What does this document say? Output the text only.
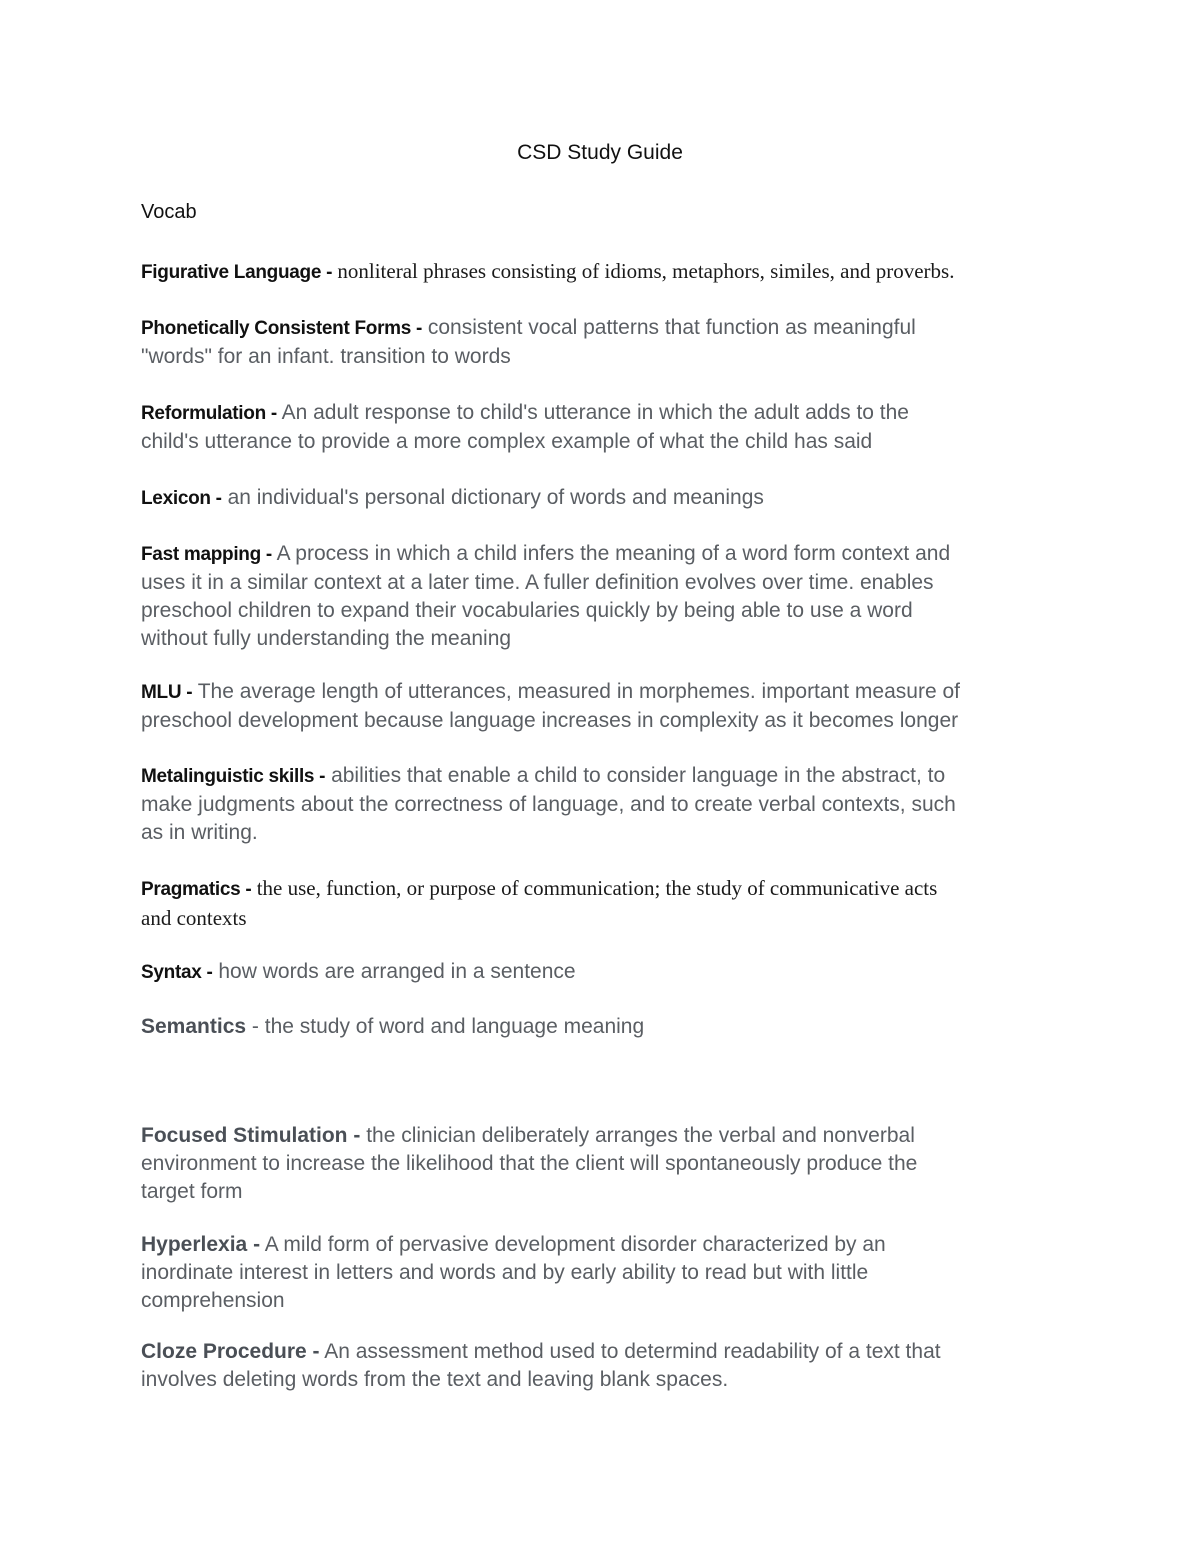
CSD Study Guide
Vocab
Figurative Language - nonliteral phrases consisting of idioms, metaphors, similes, and proverbs.
Phonetically Consistent Forms - consistent vocal patterns that function as meaningful
"words" for an infant. transition to words
Reformulation - An adult response to child's utterance in which the adult adds to the
child's utterance to provide a more complex example of what the child has said
Lexicon - an individual's personal dictionary of words and meanings
Fast mapping - A process in which a child infers the meaning of a word form context and
uses it in a similar context at a later time. A fuller definition evolves over time. enables
preschool children to expand their vocabularies quickly by being able to use a word
without fully understanding the meaning
MLU - The average length of utterances, measured in morphemes. important measure of
preschool development because language increases in complexity as it becomes longer
Metalinguistic skills - abilities that enable a child to consider language in the abstract, to
make judgments about the correctness of language, and to create verbal contexts, such
as in writing.
Pragmatics - the use, function, or purpose of communication; the study of communicative acts
and contexts
Syntax - how words are arranged in a sentence
Semantics - the study of word and language meaning
Focused Stimulation - the clinician deliberately arranges the verbal and nonverbal
environment to increase the likelihood that the client will spontaneously produce the
target form
Hyperlexia - A mild form of pervasive development disorder characterized by an
inordinate interest in letters and words and by early ability to read but with little
comprehension
Cloze Procedure - An assessment method used to determind readability of a text that
involves deleting words from the text and leaving blank spaces.
